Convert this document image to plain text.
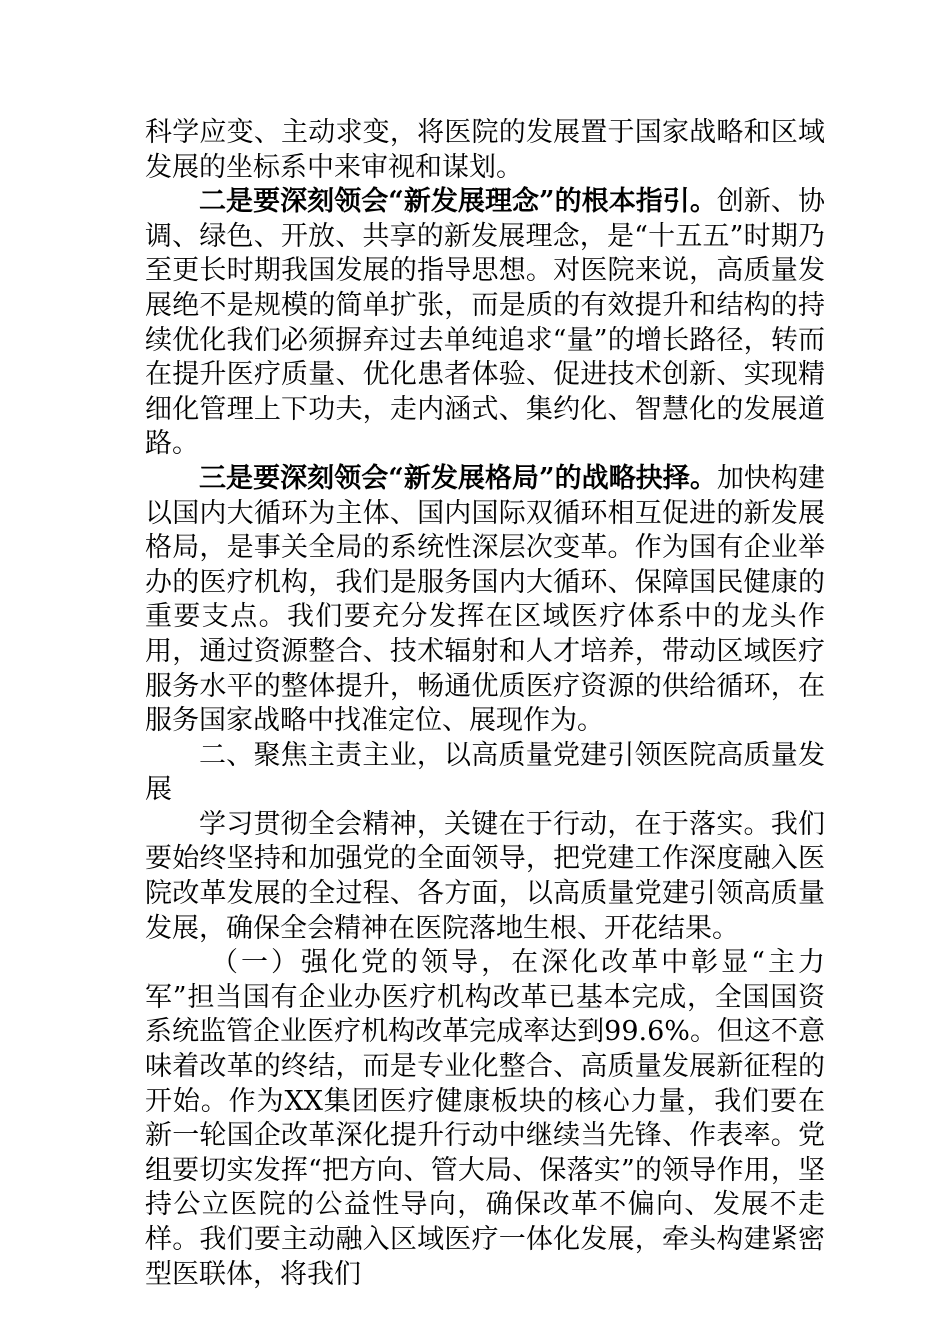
科学应变、主动求变，将医院的发展置于国家战略和区域发展的坐标系中来审视和谋划。

二是要深刻领会“新发展理念”的根本指引。创新、协调、绿色、开放、共享的新发展理念，是“十五五”时期乃至更长时期我国发展的指导思想。对医院来说，高质量发展绝不是规模的简单扩张，而是质的有效提升和结构的持续优化我们必须摒弃过去单纯追求“量”的增长路径，转而在提升医疗质量、优化患者体验、促进技术创新、实现精细化管理上下功夫，走内涵式、集约化、智慧化的发展道路。

三是要深刻领会“新发展格局”的战略抉择。加快构建以国内大循环为主体、国内国际双循环相互促进的新发展格局，是事关全局的系统性深层次变革。作为国有企业举办的医疗机构，我们是服务国内大循环、保障国民健康的重要支点。我们要充分发挥在区域医疗体系中的龙头作用，通过资源整合、技术辐射和人才培养，带动区域医疗服务水平的整体提升，畅通优质医疗资源的供给循环，在服务国家战略中找准定位、展现作为。

二、聚焦主责主业，以高质量党建引领医院高质量发展

学习贯彻全会精神，关键在于行动，在于落实。我们要始终坚持和加强党的全面领导，把党建工作深度融入医院改革发展的全过程、各方面，以高质量党建引领高质量发展，确保全会精神在医院落地生根、开花结果。

（一）强化党的领导，在深化改革中彰显“主力军”担当国有企业办医疗机构改革已基本完成，全国国资系统监管企业医疗机构改革完成率达到99.6%。但这不意味着改革的终结，而是专业化整合、高质量发展新征程的开始。作为XX集团医疗健康板块的核心力量，我们要在新一轮国企改革深化提升行动中继续当先锋、作表率。党组要切实发挥“把方向、管大局、保落实”的领导作用，坚持公立医院的公益性导向，确保改革不偏向、发展不走样。我们要主动融入区域医疗一体化发展，牵头构建紧密型医联体，将我们
